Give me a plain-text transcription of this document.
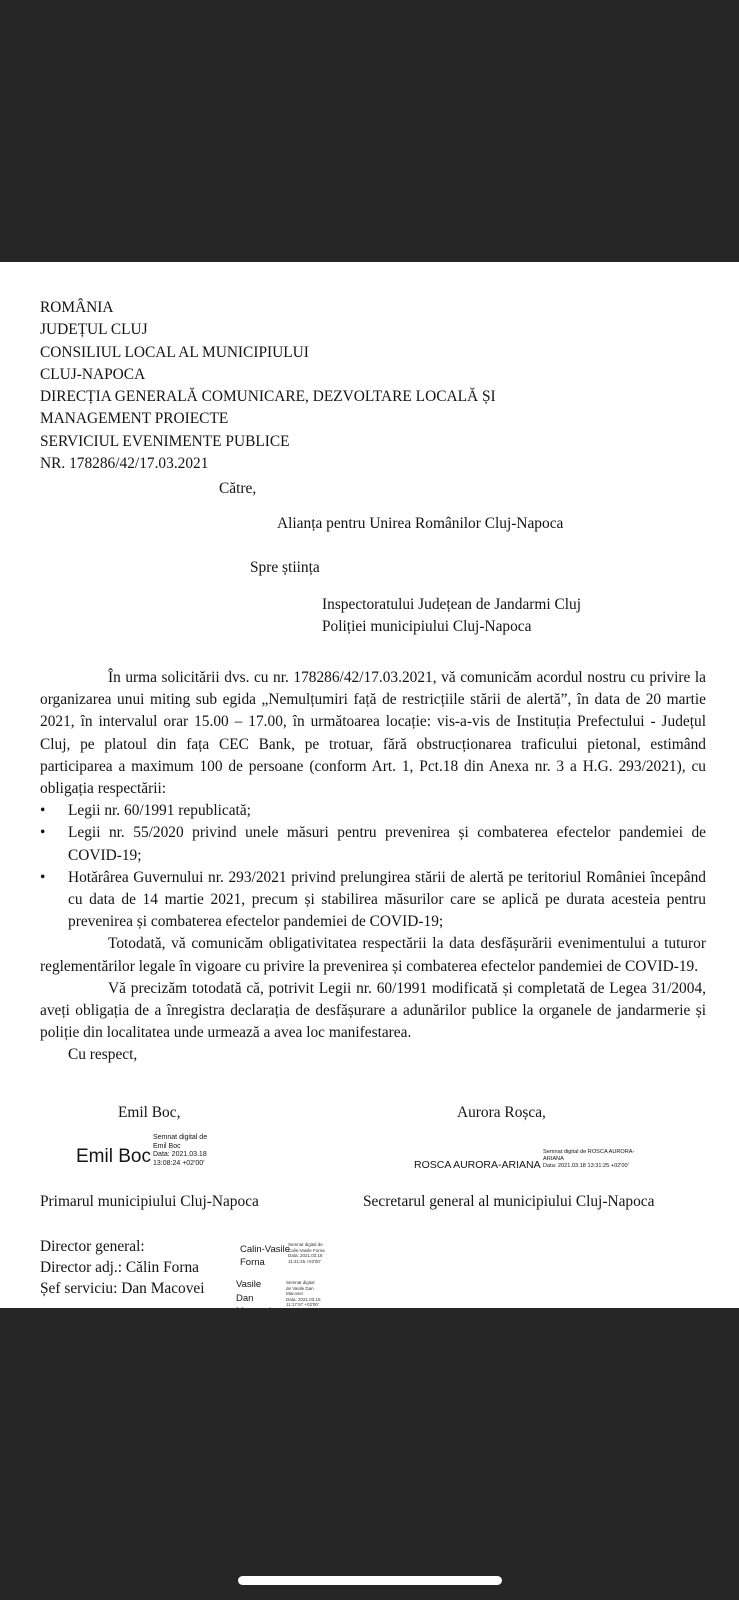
ROMÂNIA
JUDEȚUL CLUJ
CONSILIUL LOCAL AL MUNICIPIULUI
CLUJ-NAPOCA
DIRECȚIA GENERALĂ COMUNICARE, DEZVOLTARE LOCALĂ ȘI
MANAGEMENT PROIECTE
SERVICIUL EVENIMENTE PUBLICE
NR. 178286/42/17.03.2021
Către,
Alianța pentru Unirea Românilor Cluj-Napoca
Spre știința
Inspectoratului Județean de Jandarmi Cluj
Poliției municipiului Cluj-Napoca

În urma solicitării dvs. cu nr. 178286/42/17.03.2021, vă comunicăm acordul nostru cu privire la organizarea unui miting sub egida „Nemulțumiri față de restricțiile stării de alertă”, în data de 20 martie 2021, în intervalul orar 15.00 – 17.00, în următoarea locație: vis-a-vis de Instituția Prefectului - Județul Cluj, pe platoul din fața CEC Bank, pe trotuar, fără obstrucționarea traficului pietonal, estimând participarea a maximum 100 de persoane (conform Art. 1, Pct.18 din Anexa nr. 3 a H.G. 293/2021), cu obligația respectării:

• Legii nr. 60/1991 republicată;
• Legii nr. 55/2020 privind unele măsuri pentru prevenirea și combaterea efectelor pandemiei de COVID-19;
• Hotărârea Guvernului nr. 293/2021 privind prelungirea stării de alertă pe teritoriul României începând cu data de 14 martie 2021, precum și stabilirea măsurilor care se aplică pe durata acesteia pentru prevenirea și combaterea efectelor pandemiei de COVID-19;

Totodată, vă comunicăm obligativitatea respectării la data desfășurării evenimentului a tuturor reglementărilor legale în vigoare cu privire la prevenirea și combaterea efectelor pandemiei de COVID-19.

Vă precizăm totodată că, potrivit Legii nr. 60/1991 modificată și completată de Legea 31/2004, aveți obligația de a înregistra declarația de desfășurare a adunărilor publice la organele de jandarmerie și poliție din localitatea unde urmează a avea loc manifestarea.

Cu respect,

Emil Boc,
Emil Boc
Semnat digital de
Emil Boc
Data: 2021.03.18
13:08:24 +02'00'
Primarul municipiului Cluj-Napoca
Aurora Roșca,
ROSCA AURORA-ARIANA
Semnat digital de ROSCA AURORA-
ARIANA
Data: 2021.03.18 13:31:25 +02'00'
Secretarul general al municipiului Cluj-Napoca
Director general:
Director adj.: Călin Forna
Șef serviciu: Dan Macovei
Calin-Vasile
Forna
Semnat digital de
Calin-Vasile Forna
Data: 2021.03.18
11:41:25 +02'00'
Vasile
Dan
Semnat digital
de Vasile Dan
Macovei
Data: 2021.03.18
11:17:57 +02'00'
